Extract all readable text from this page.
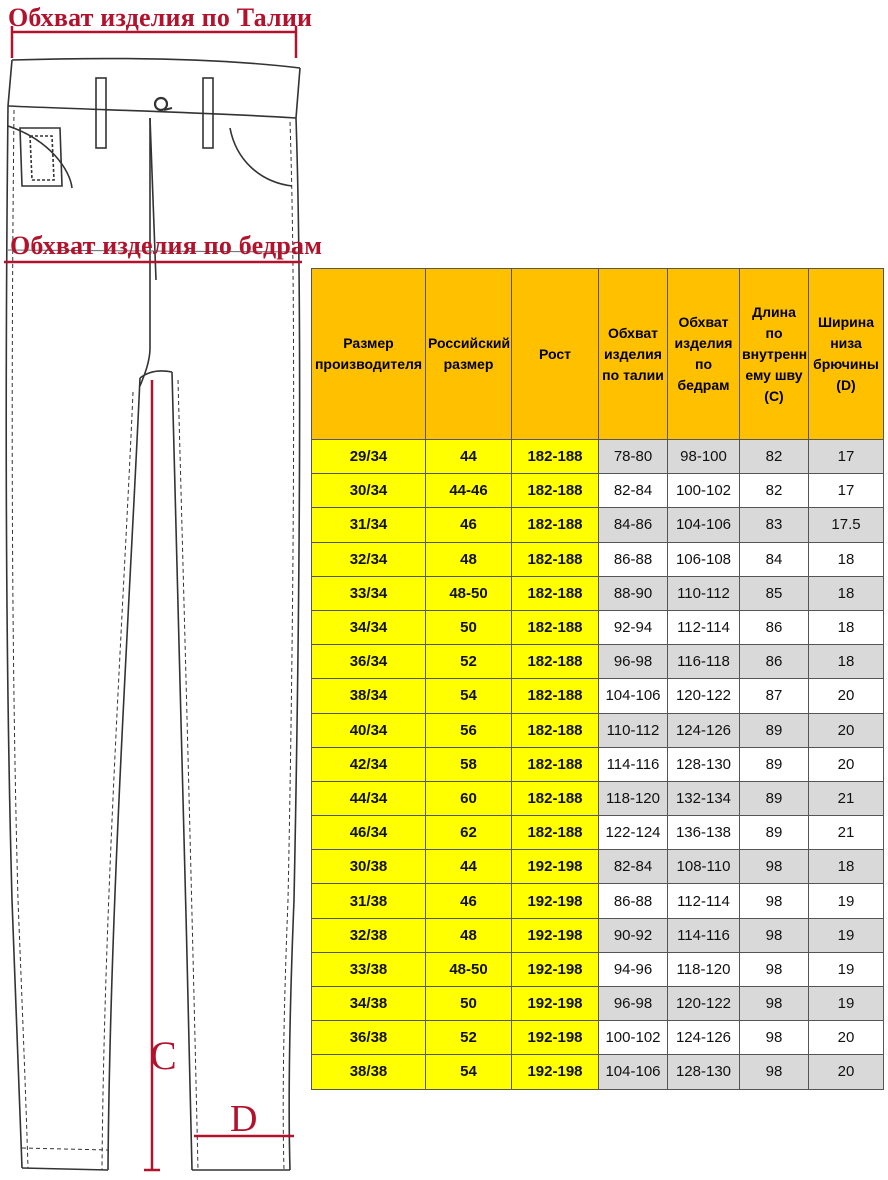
Обхват изделия по Талии
Обхват изделия по бедрам
C
D
Размер производителя	Российский размер	Рост	Обхват изделия по талии	Обхват изделия по бедрам	Длина по внутренн ему шву (C)	Ширина низа брючины (D)
29/34	44	182-188	78-80	98-100	82	17
30/34	44-46	182-188	82-84	100-102	82	17
31/34	46	182-188	84-86	104-106	83	17.5
32/34	48	182-188	86-88	106-108	84	18
33/34	48-50	182-188	88-90	110-112	85	18
34/34	50	182-188	92-94	112-114	86	18
36/34	52	182-188	96-98	116-118	86	18
38/34	54	182-188	104-106	120-122	87	20
40/34	56	182-188	110-112	124-126	89	20
42/34	58	182-188	114-116	128-130	89	20
44/34	60	182-188	118-120	132-134	89	21
46/34	62	182-188	122-124	136-138	89	21
30/38	44	192-198	82-84	108-110	98	18
31/38	46	192-198	86-88	112-114	98	19
32/38	48	192-198	90-92	114-116	98	19
33/38	48-50	192-198	94-96	118-120	98	19
34/38	50	192-198	96-98	120-122	98	19
36/38	52	192-198	100-102	124-126	98	20
38/38	54	192-198	104-106	128-130	98	20
